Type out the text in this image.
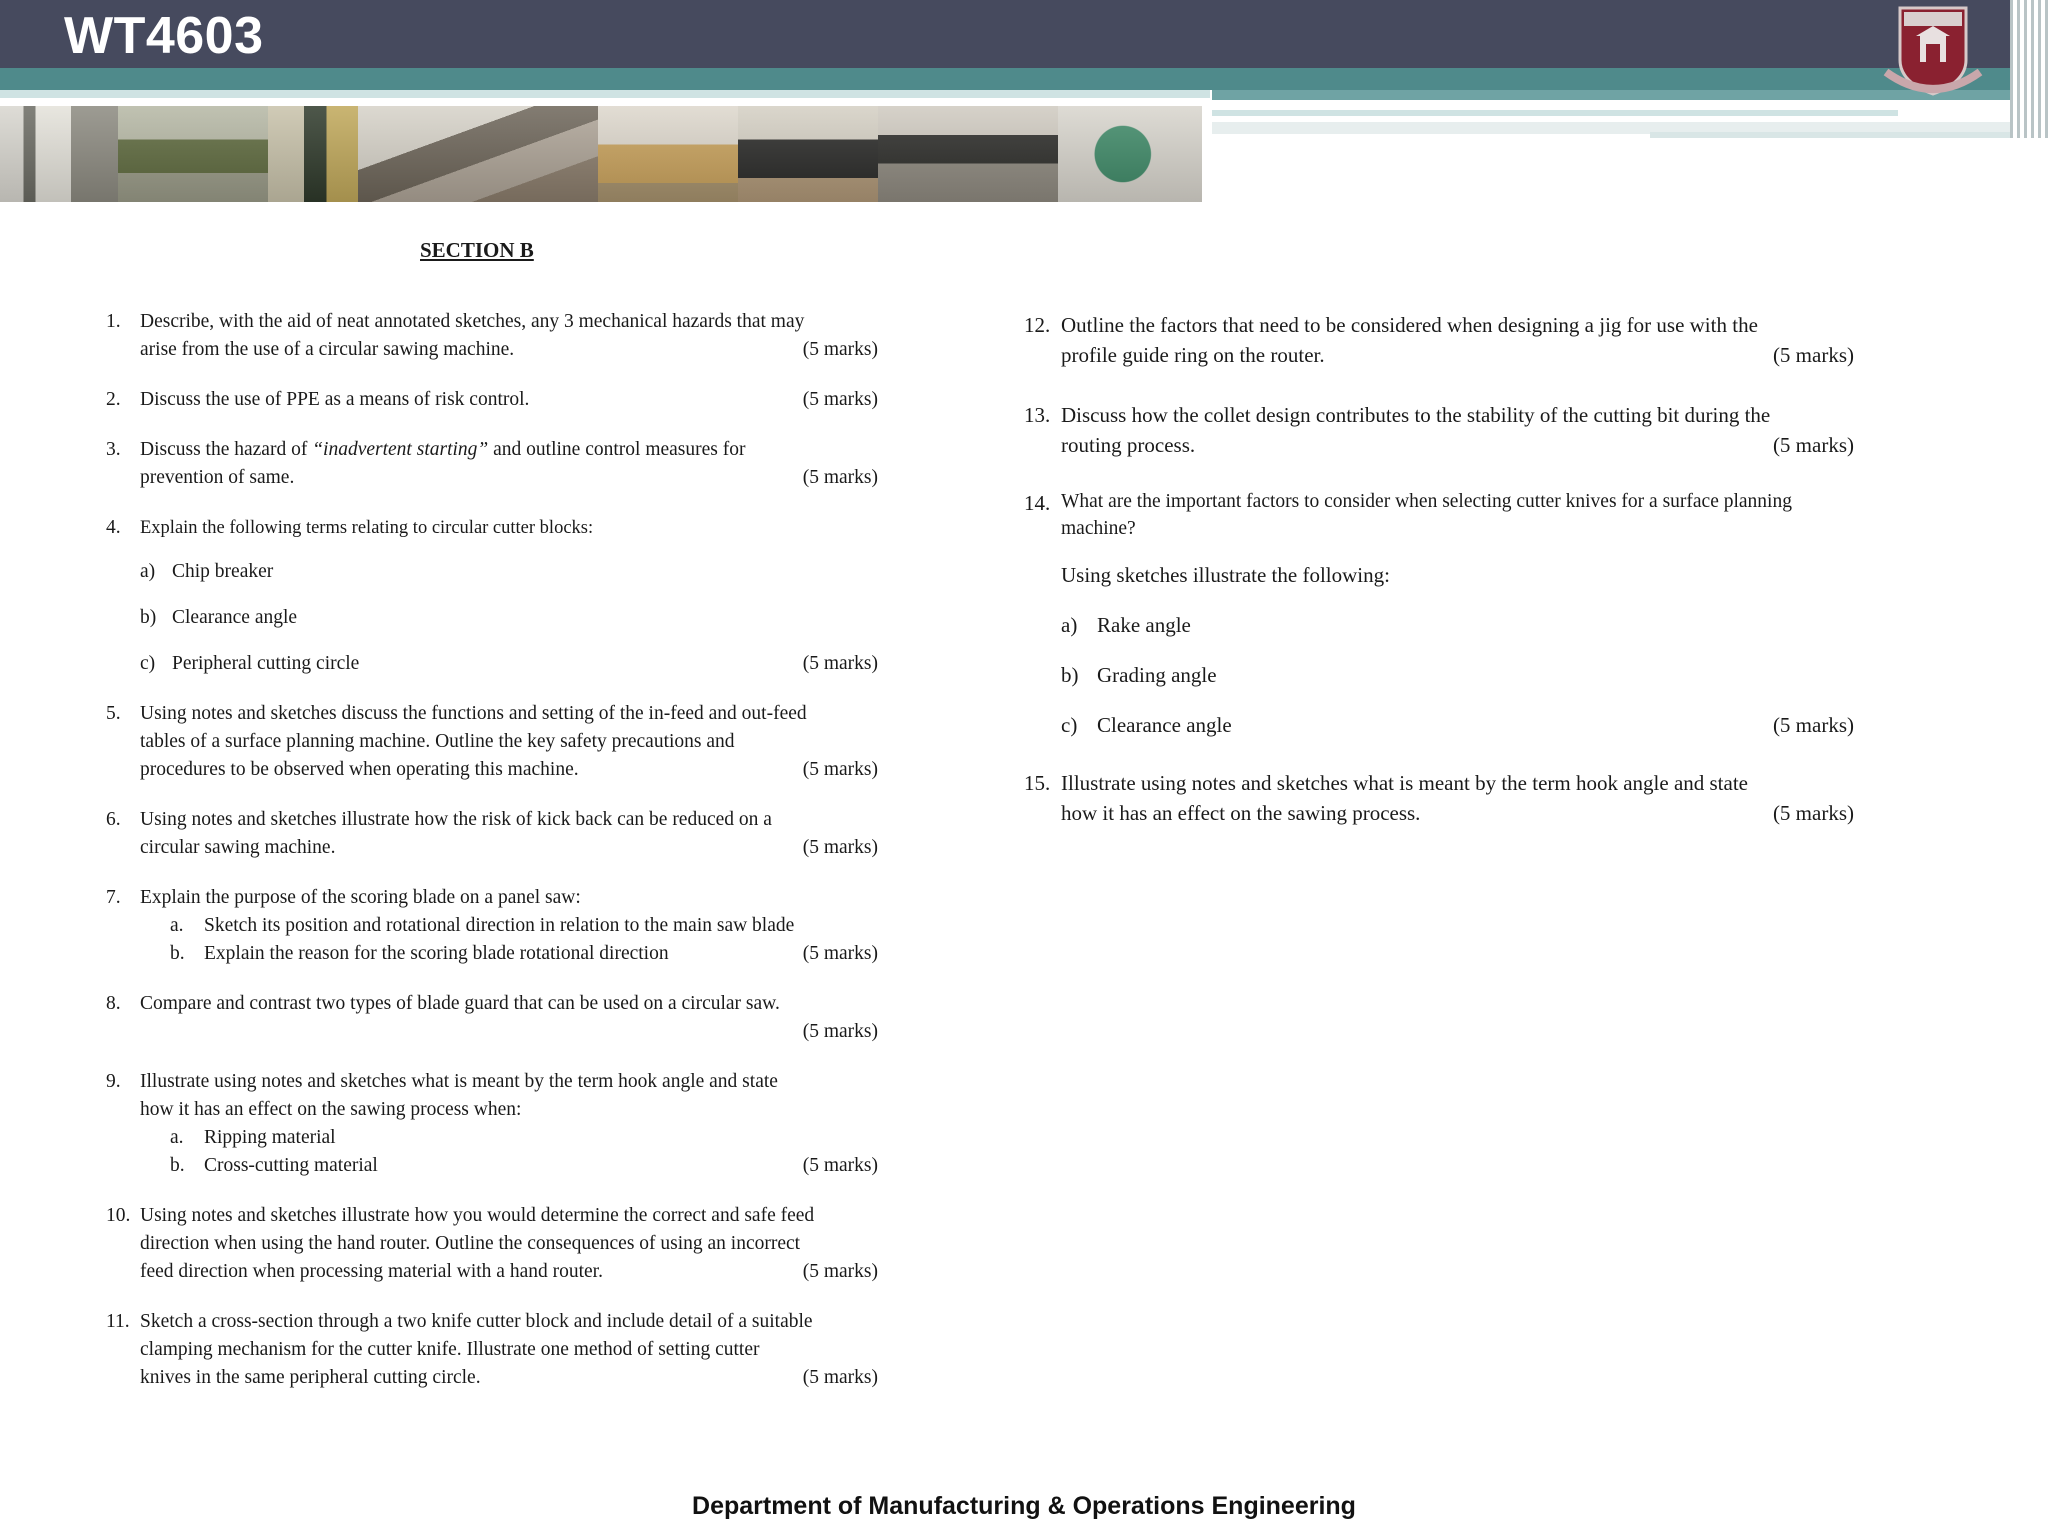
WT4603
SECTION B
1. Describe, with the aid of neat annotated sketches, any 3 mechanical hazards that may
arise from the use of a circular sawing machine.	(5 marks)
2. Discuss the use of PPE as a means of risk control.	(5 marks)
3. Discuss the hazard of “inadvertent starting” and outline control measures for
prevention of same.	(5 marks)
4. Explain the following terms relating to circular cutter blocks:
a) Chip breaker
b) Clearance angle
c) Peripheral cutting circle	(5 marks)
5. Using notes and sketches discuss the functions and setting of the in-feed and out-feed
tables of a surface planning machine. Outline the key safety precautions and
procedures to be observed when operating this machine.	(5 marks)
6. Using notes and sketches illustrate how the risk of kick back can be reduced on a
circular sawing machine.	(5 marks)
7. Explain the purpose of the scoring blade on a panel saw:
a. Sketch its position and rotational direction in relation to the main saw blade
b. Explain the reason for the scoring blade rotational direction	(5 marks)
8. Compare and contrast two types of blade guard that can be used on a circular saw.
(5 marks)
9. Illustrate using notes and sketches what is meant by the term hook angle and state
how it has an effect on the sawing process when:
a. Ripping material
b. Cross-cutting material	(5 marks)
10. Using notes and sketches illustrate how you would determine the correct and safe feed
direction when using the hand router. Outline the consequences of using an incorrect
feed direction when processing material with a hand router.	(5 marks)
11. Sketch a cross-section through a two knife cutter block and include detail of a suitable
clamping mechanism for the cutter knife. Illustrate one method of setting cutter
knives in the same peripheral cutting circle.	(5 marks)
12. Outline the factors that need to be considered when designing a jig for use with the
profile guide ring on the router.	(5 marks)
13. Discuss how the collet design contributes to the stability of the cutting bit during the
routing process.	(5 marks)
14. What are the important factors to consider when selecting cutter knives for a surface planning
machine?
Using sketches illustrate the following:
a) Rake angle
b) Grading angle
c) Clearance angle	(5 marks)
15. Illustrate using notes and sketches what is meant by the term hook angle and state
how it has an effect on the sawing process.	(5 marks)
Department of Manufacturing & Operations Engineering
